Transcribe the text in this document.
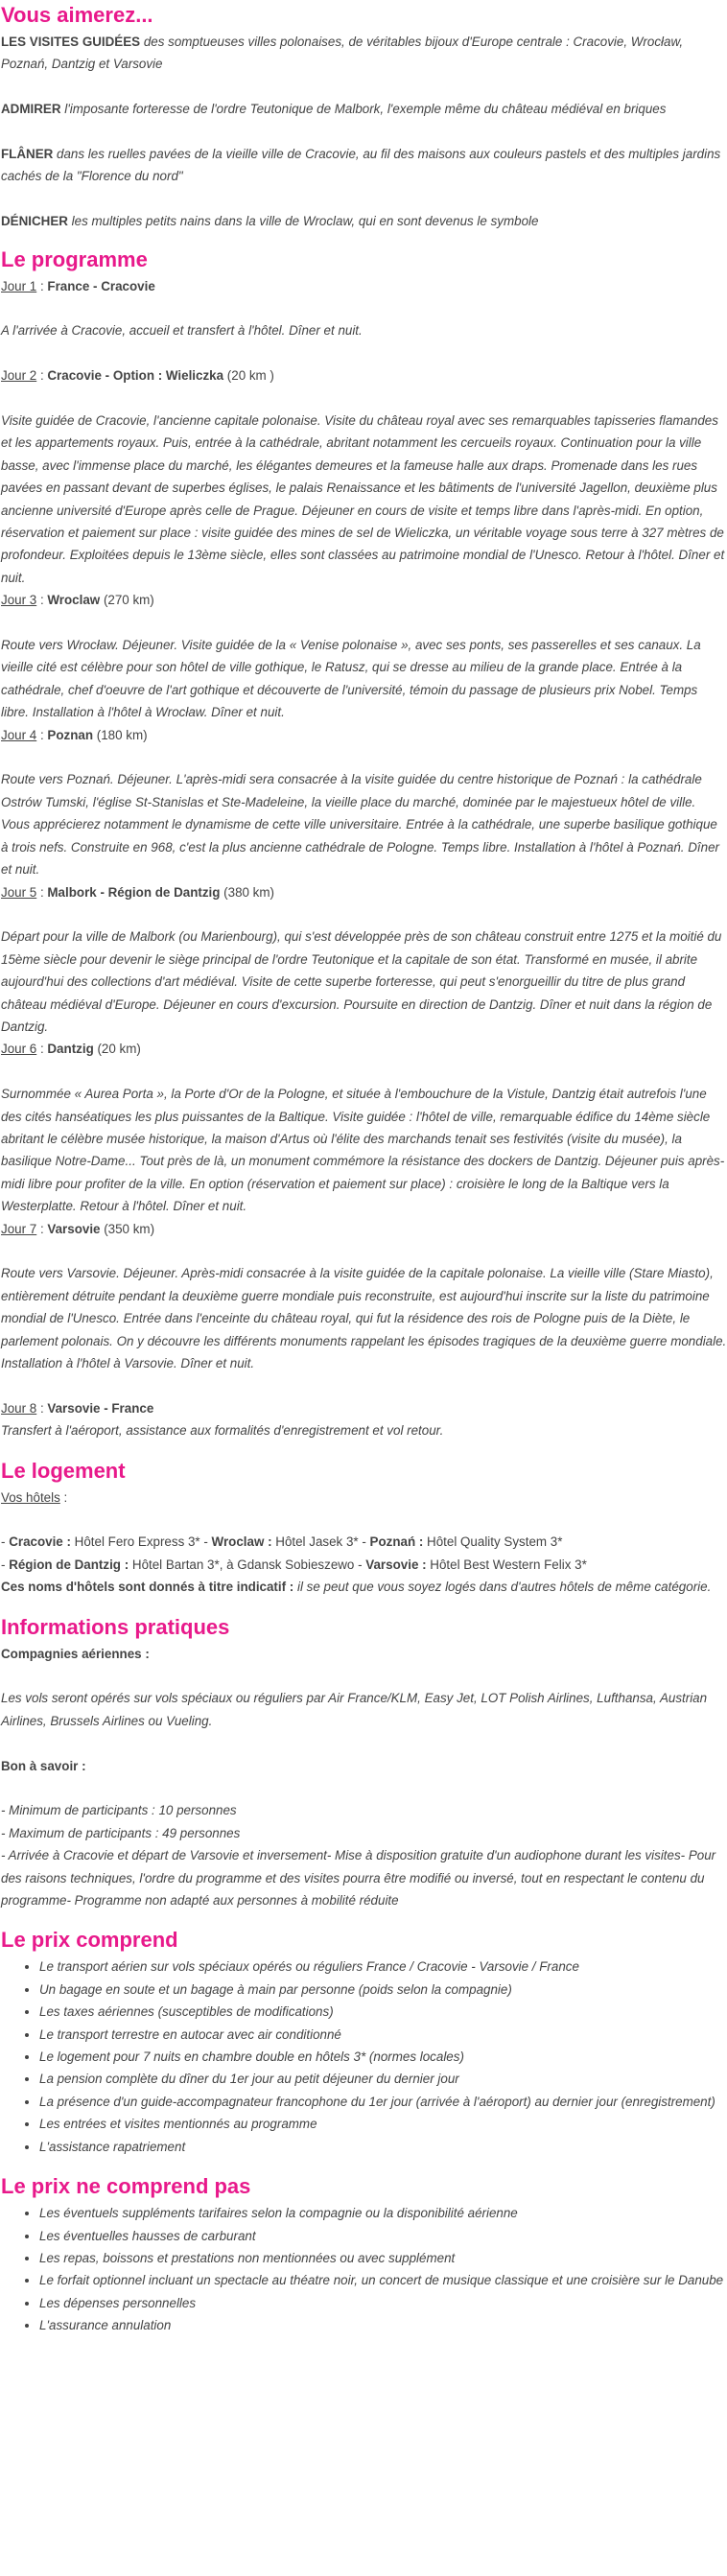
Vous aimerez...

LES VISITES GUIDÉES des somptueuses villes polonaises, de véritables bijoux d'Europe centrale : Cracovie, Wrocław, Poznań, Dantzig et Varsovie

ADMIRER l'imposante forteresse de l'ordre Teutonique de Malbork, l'exemple même du château médiéval en briques

FLÂNER dans les ruelles pavées de la vieille ville de Cracovie, au fil des maisons aux couleurs pastels et des multiples jardins cachés de la "Florence du nord"

DÉNICHER les multiples petits nains dans la ville de Wroclaw, qui en sont devenus le symbole

Le programme

Jour 1 : France - Cracovie

A l'arrivée à Cracovie, accueil et transfert à l'hôtel. Dîner et nuit.

Jour 2 : Cracovie - Option : Wieliczka (20 km )

Visite guidée de Cracovie, l'ancienne capitale polonaise. Visite du château royal avec ses remarquables tapisseries flamandes et les appartements royaux. Puis, entrée à la cathédrale, abritant notamment les cercueils royaux. Continuation pour la ville basse, avec l'immense place du marché, les élégantes demeures et la fameuse halle aux draps. Promenade dans les rues pavées en passant devant de superbes églises, le palais Renaissance et les bâtiments de l'université Jagellon, deuxième plus ancienne université d'Europe après celle de Prague. Déjeuner en cours de visite et temps libre dans l'après-midi. En option, réservation et paiement sur place : visite guidée des mines de sel de Wieliczka, un véritable voyage sous terre à 327 mètres de profondeur. Exploitées depuis le 13ème siècle, elles sont classées au patrimoine mondial de l'Unesco. Retour à l'hôtel. Dîner et nuit.

Jour 3 : Wroclaw (270 km)

Route vers Wrocław. Déjeuner. Visite guidée de la « Venise polonaise », avec ses ponts, ses passerelles et ses canaux. La vieille cité est célèbre pour son hôtel de ville gothique, le Ratusz, qui se dresse au milieu de la grande place. Entrée à la cathédrale, chef d'oeuvre de l'art gothique et découverte de l'université, témoin du passage de plusieurs prix Nobel. Temps libre. Installation à l'hôtel à Wrocław. Dîner et nuit.

Jour 4 : Poznan (180 km)

Route vers Poznań. Déjeuner. L'après-midi sera consacrée à la visite guidée du centre historique de Poznań : la cathédrale Ostrów Tumski, l'église St-Stanislas et Ste-Madeleine, la vieille place du marché, dominée par le majestueux hôtel de ville. Vous apprécierez notamment le dynamisme de cette ville universitaire. Entrée à la cathédrale, une superbe basilique gothique à trois nefs. Construite en 968, c'est la plus ancienne cathédrale de Pologne. Temps libre. Installation à l'hôtel à Poznań. Dîner et nuit.

Jour 5 : Malbork - Région de Dantzig (380 km)

Départ pour la ville de Malbork (ou Marienbourg), qui s'est développée près de son château construit entre 1275 et la moitié du 15ème siècle pour devenir le siège principal de l'ordre Teutonique et la capitale de son état. Transformé en musée, il abrite aujourd'hui des collections d'art médiéval. Visite de cette superbe forteresse, qui peut s'enorgueillir du titre de plus grand château médiéval d'Europe. Déjeuner en cours d'excursion. Poursuite en direction de Dantzig. Dîner et nuit dans la région de Dantzig.

Jour 6 : Dantzig (20 km)

Surnommée « Aurea Porta », la Porte d'Or de la Pologne, et située à l'embouchure de la Vistule, Dantzig était autrefois l'une des cités hanséatiques les plus puissantes de la Baltique. Visite guidée : l'hôtel de ville, remarquable édifice du 14ème siècle abritant le célèbre musée historique, la maison d'Artus où l'élite des marchands tenait ses festivités (visite du musée), la basilique Notre-Dame... Tout près de là, un monument commémore la résistance des dockers de Dantzig. Déjeuner puis après-midi libre pour profiter de la ville. En option (réservation et paiement sur place) : croisière le long de la Baltique vers la Westerplatte. Retour à l'hôtel. Dîner et nuit.

Jour 7 : Varsovie (350 km)

Route vers Varsovie. Déjeuner. Après-midi consacrée à la visite guidée de la capitale polonaise. La vieille ville (Stare Miasto), entièrement détruite pendant la deuxième guerre mondiale puis reconstruite, est aujourd'hui inscrite sur la liste du patrimoine mondial de l'Unesco. Entrée dans l'enceinte du château royal, qui fut la résidence des rois de Pologne puis de la Diète, le parlement polonais. On y découvre les différents monuments rappelant les épisodes tragiques de la deuxième guerre mondiale. Installation à l'hôtel à Varsovie. Dîner et nuit.

Jour 8 : Varsovie - France

Transfert à l'aéroport, assistance aux formalités d'enregistrement et vol retour.

Le logement

Vos hôtels :

- Cracovie : Hôtel Fero Express 3* - Wroclaw : Hôtel Jasek 3* - Poznań : Hôtel Quality System 3*

- Région de Dantzig : Hôtel Bartan 3*, à Gdansk Sobieszewo - Varsovie : Hôtel Best Western Felix 3*

Ces noms d'hôtels sont donnés à titre indicatif : il se peut que vous soyez logés dans d'autres hôtels de même catégorie.

Informations pratiques

Compagnies aériennes :

Les vols seront opérés sur vols spéciaux ou réguliers par Air France/KLM, Easy Jet, LOT Polish Airlines, Lufthansa, Austrian Airlines, Brussels Airlines ou Vueling.

Bon à savoir :

- Minimum de participants : 10 personnes

- Maximum de participants : 49 personnes

- Arrivée à Cracovie et départ de Varsovie et inversement- Mise à disposition gratuite d'un audiophone durant les visites- Pour des raisons techniques, l'ordre du programme et des visites pourra être modifié ou inversé, tout en respectant le contenu du programme- Programme non adapté aux personnes à mobilité réduite

Le prix comprend
• Le transport aérien sur vols spéciaux opérés ou réguliers France / Cracovie - Varsovie / France
• Un bagage en soute et un bagage à main par personne (poids selon la compagnie)
• Les taxes aériennes (susceptibles de modifications)
• Le transport terrestre en autocar avec air conditionné
• Le logement pour 7 nuits en chambre double en hôtels 3* (normes locales)
• La pension complète du dîner du 1er jour au petit déjeuner du dernier jour
• La présence d'un guide-accompagnateur francophone du 1er jour (arrivée à l'aéroport) au dernier jour (enregistrement)
• Les entrées et visites mentionnés au programme
• L'assistance rapatriement
Le prix ne comprend pas
• Les éventuels suppléments tarifaires selon la compagnie ou la disponibilité aérienne
• Les éventuelles hausses de carburant
• Les repas, boissons et prestations non mentionnées ou avec supplément
• Le forfait optionnel incluant un spectacle au théatre noir, un concert de musique classique et une croisière sur le Danube
• Les dépenses personnelles
• L'assurance annulation
